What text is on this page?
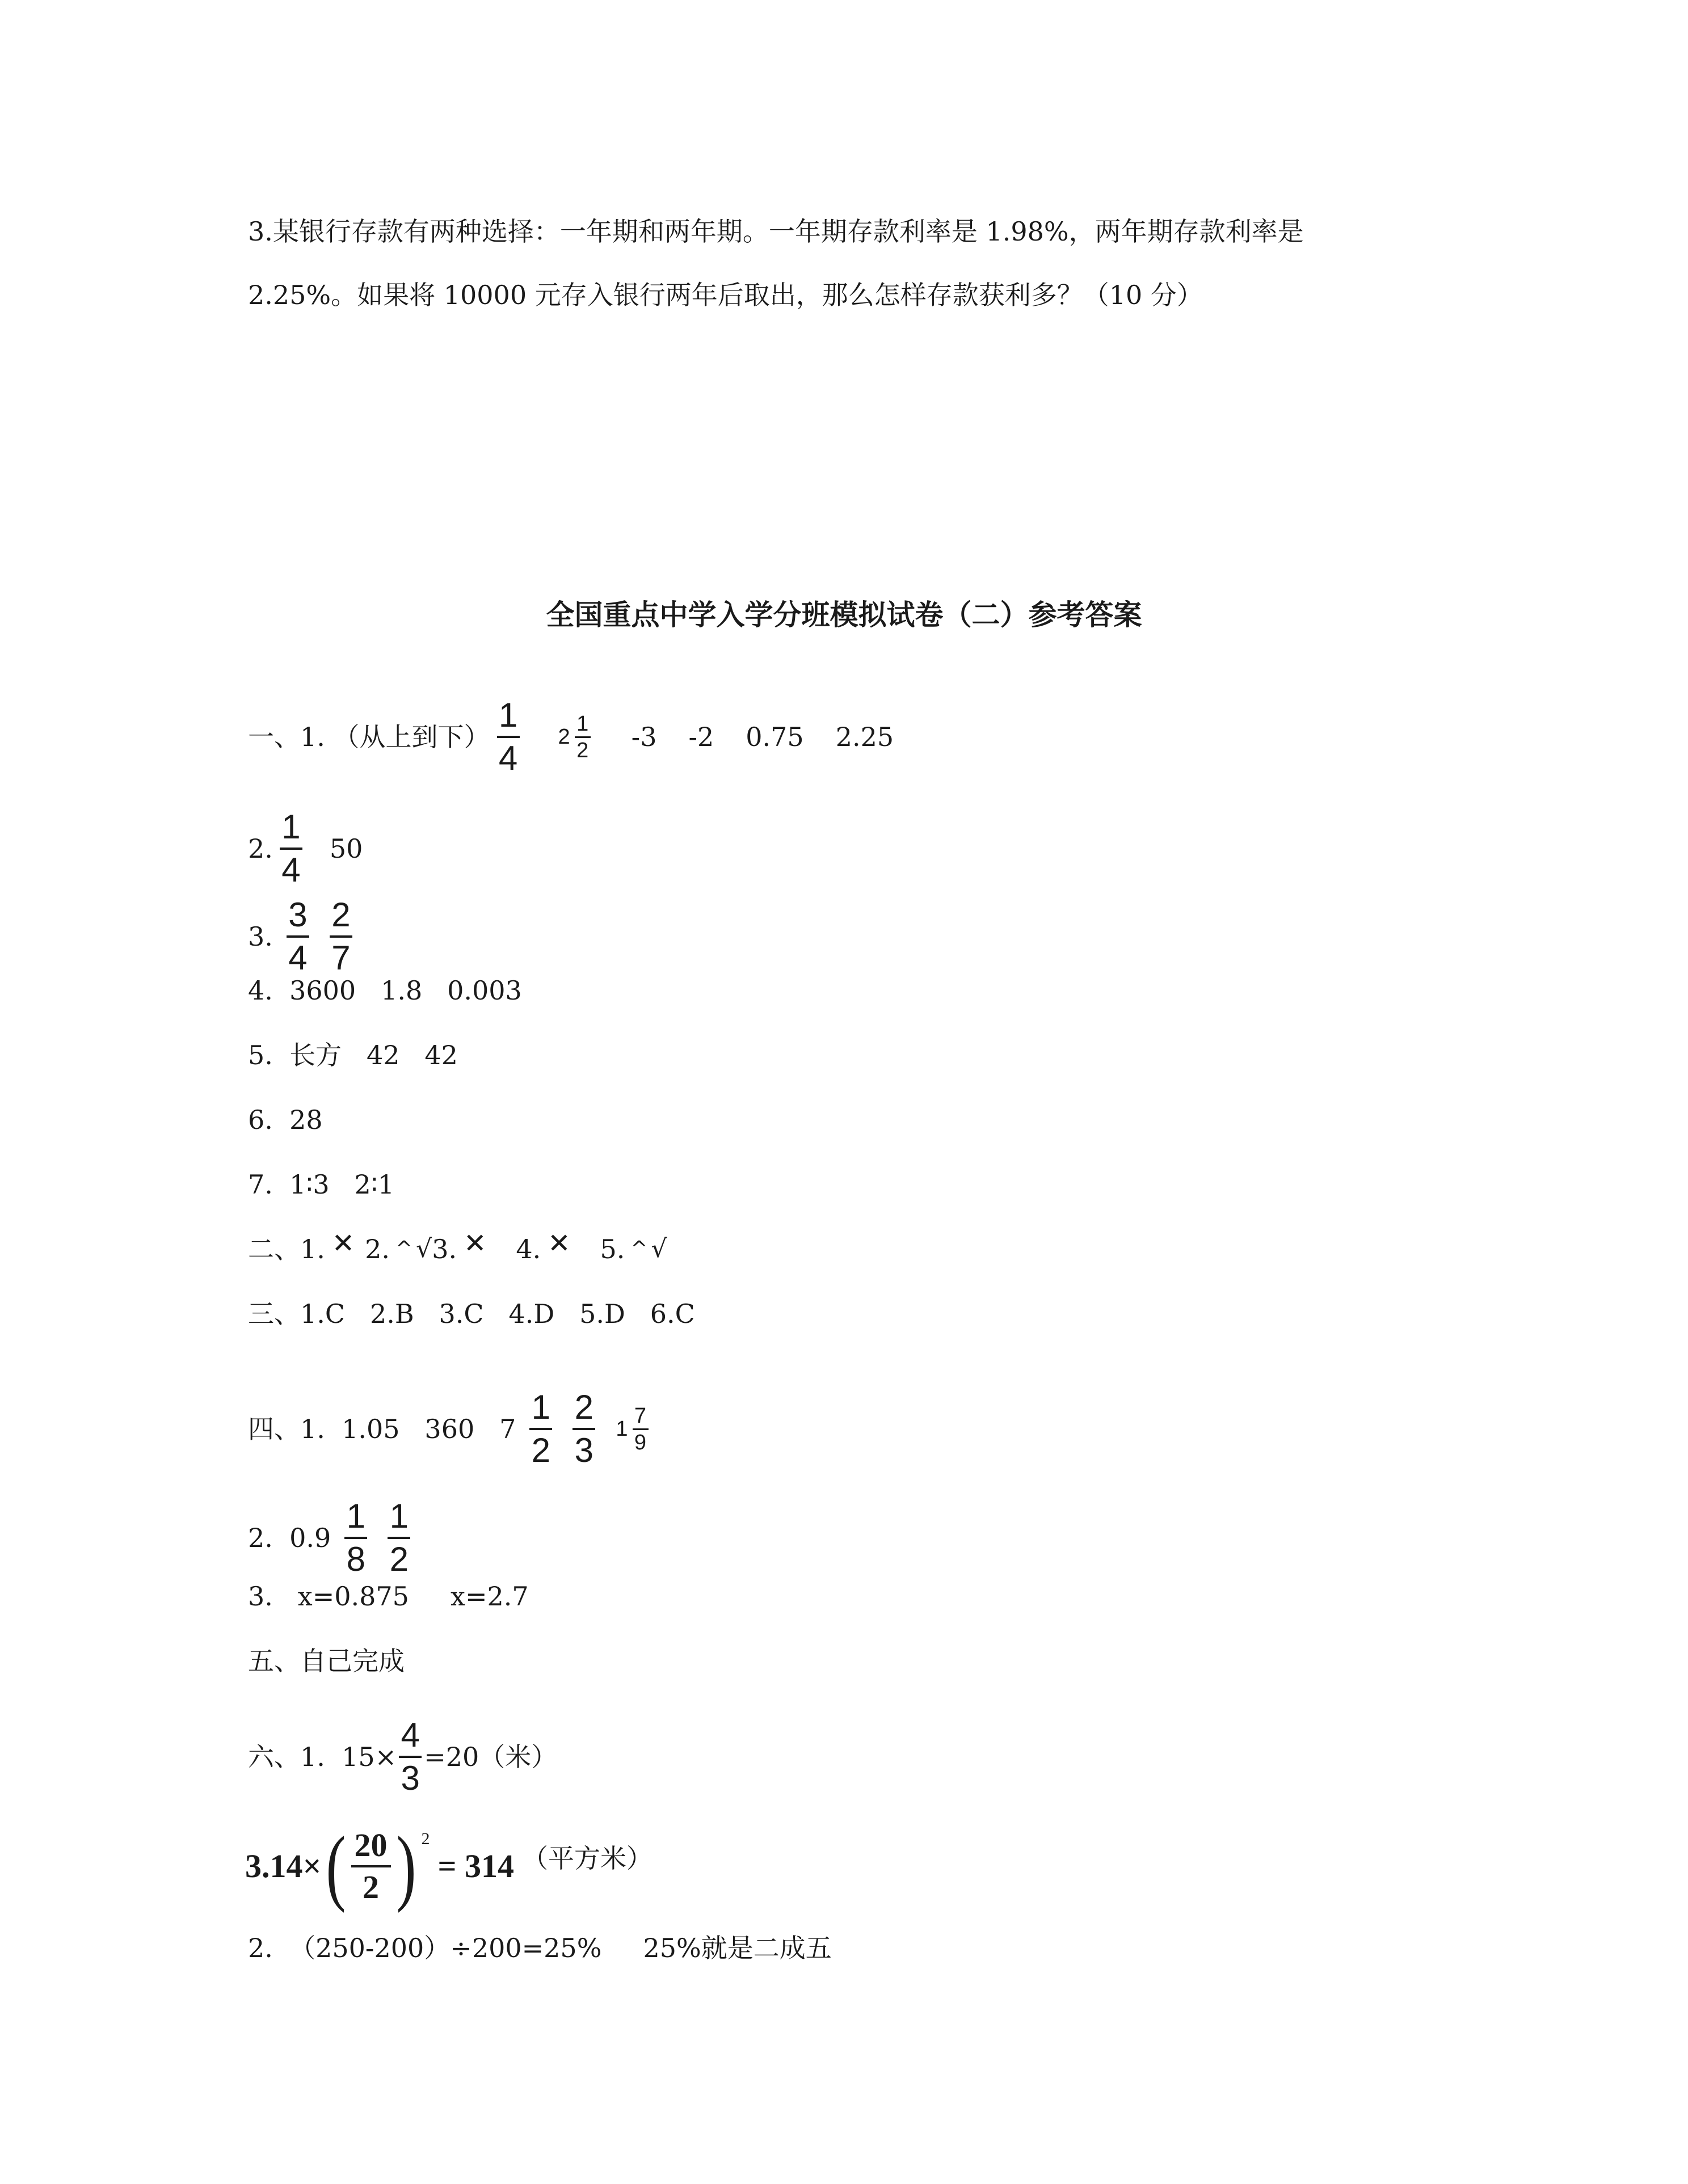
3.某银行存款有两种选择：一年期和两年期。一年期存款利率是 1.98%，两年期存款利率是
2.25%。如果将 10000 元存入银行两年后取出，那么怎样存款获利多？（10 分）
全国重点中学入学分班模拟试卷（二）参考答案
一、1. （从上到下） $\frac{1}{4} 2 \frac{1}{2} -3$ -2 0.75 2.25
2. $\frac{1}{4} 50$
3. $\frac{3}{4} \frac{2}{7}$
4.  3600   1.8   0.003
5.  长方   42   42
6.  28
7.  1∶3   2∶1
二、1. ✕ 2. ^ √ 3. ✕ 4. ✕ 5. ^ √
三、1.C   2.B   3.C   4.D   5.D   6.C
四、1.  1.05   360   $7 \frac{1}{2} \frac{2}{3} 1 \frac{7}{9}$
2.  $0.9 \frac{1}{8} \frac{1}{2}$
3.   x=0.875     x=2.7
五、自己完成
六、1.  $15\times \frac{4}{3} =20$（米）
3.14× ( $\frac{20}{2}$ ) 2
= 314 （平方米）
2.  （250-200）÷200=25%     25%就是二成五
